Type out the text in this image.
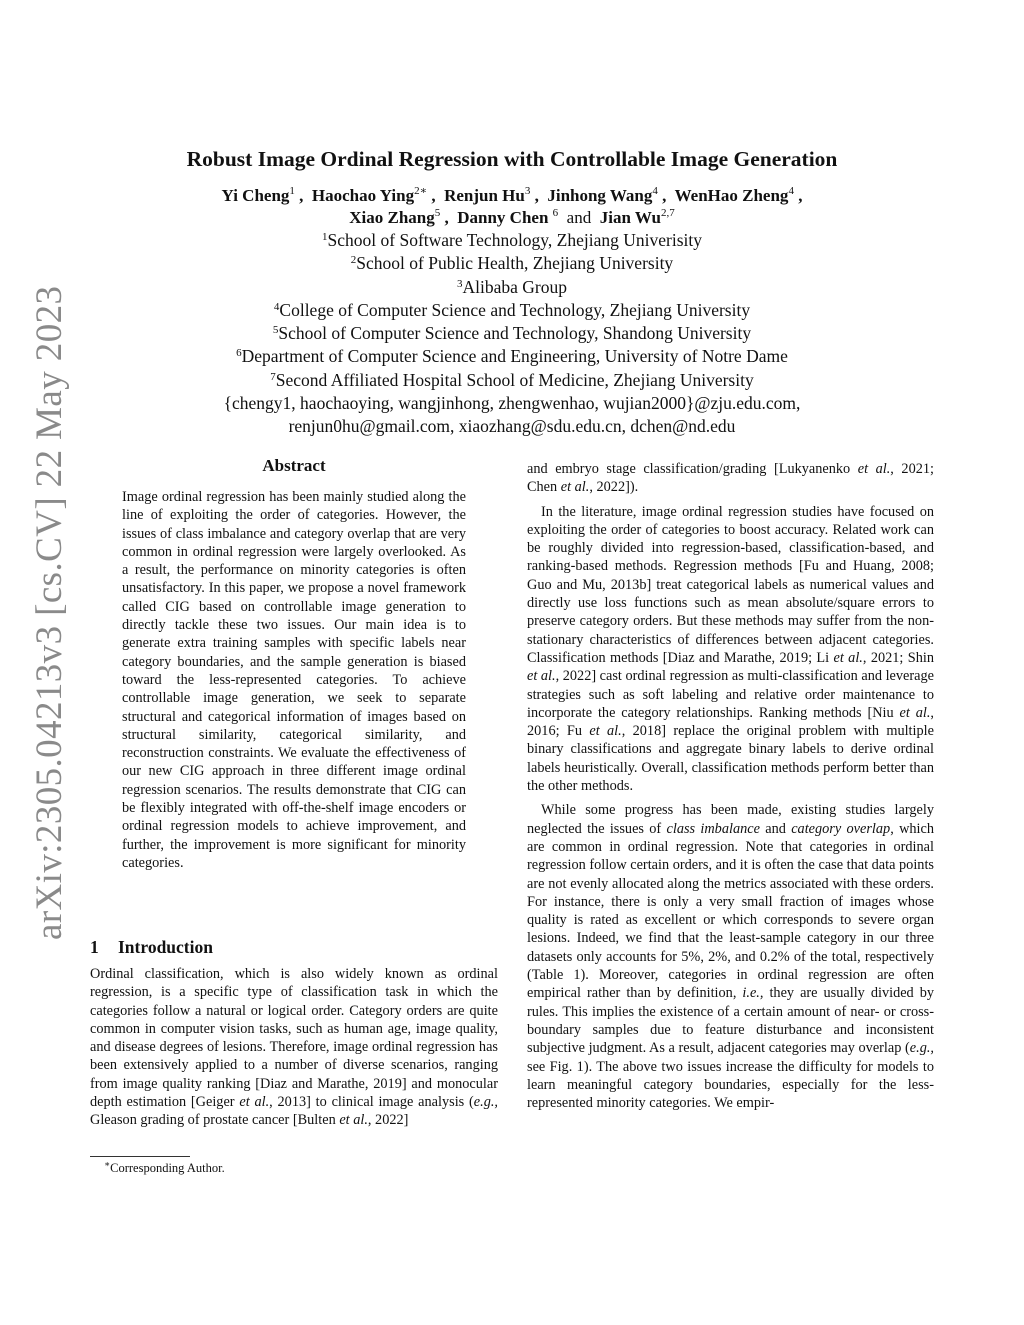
arXiv:2305.04213v3 [cs.CV] 22 May 2023
Robust Image Ordinal Regression with Controllable Image Generation
Yi Cheng$^1$ ,  Haochao Ying$^{2∗}$ ,  Renjun Hu$^3$ ,  Jinhong Wang$^4$ ,  WenHao Zheng$^4$ ,
Xiao Zhang$^5$ ,  Danny Chen $^6$ and Jian Wu$^{2,7}$
$^1$School of Software Technology, Zhejiang Univerisity
$^2$School of Public Health, Zhejiang University
$^3$Alibaba Group
$^4$College of Computer Science and Technology, Zhejiang University
$^5$School of Computer Science and Technology, Shandong University
$^6$Department of Computer Science and Engineering, University of Notre Dame
$^7$Second Affiliated Hospital School of Medicine, Zhejiang University
{chengy1, haochaoying, wangjinhong, zhengwenhao, wujian2000}@zju.edu.com,
renjun0hu@gmail.com, xiaozhang@sdu.edu.cn, dchen@nd.edu
Abstract

Image ordinal regression has been mainly studied along the line of exploiting the order of categories. However, the issues of class imbalance and category overlap that are very common in ordinal regression were largely overlooked. As a result, the performance on minority categories is often unsatisfactory. In this paper, we propose a novel framework called CIG based on controllable image generation to directly tackle these two issues. Our main idea is to generate extra training samples with specific labels near category boundaries, and the sample generation is biased toward the less-represented categories. To achieve controllable image generation, we seek to separate structural and categorical information of images based on structural similarity, categorical similarity, and reconstruction constraints. We evaluate the effectiveness of our new CIG approach in three different image ordinal regression scenarios. The results demonstrate that CIG can be flexibly integrated with off-the-shelf image encoders or ordinal regression models to achieve improvement, and further, the improvement is more significant for minority categories.

1 Introduction

Ordinal classification, which is also widely known as ordinal regression, is a specific type of classification task in which the categories follow a natural or logical order. Category orders are quite common in computer vision tasks, such as human age, image quality, and disease degrees of lesions. Therefore, image ordinal regression has been extensively applied to a number of diverse scenarios, ranging from image quality ranking [Diaz and Marathe, 2019] and monocular depth estimation [Geiger et al., 2013] to clinical image analysis (e.g., Gleason grading of prostate cancer [Bulten et al., 2022]

∗Corresponding Author.

and embryo stage classification/grading [Lukyanenko et al., 2021; Chen et al., 2022]).

In the literature, image ordinal regression studies have focused on exploiting the order of categories to boost accuracy. Related work can be roughly divided into regression-based, classification-based, and ranking-based methods. Regression methods [Fu and Huang, 2008; Guo and Mu, 2013b] treat categorical labels as numerical values and directly use loss functions such as mean absolute/square errors to preserve category orders. But these methods may suffer from the non-stationary characteristics of differences between adjacent categories. Classification methods [Diaz and Marathe, 2019; Li et al., 2021; Shin et al., 2022] cast ordinal regression as multi-classification and leverage strategies such as soft labeling and relative order maintenance to incorporate the category relationships. Ranking methods [Niu et al., 2016; Fu et al., 2018] replace the original problem with multiple binary classifications and aggregate binary labels to derive ordinal labels heuristically. Overall, classification methods perform better than the other methods.

While some progress has been made, existing studies largely neglected the issues of class imbalance and category overlap, which are common in ordinal regression. Note that categories in ordinal regression follow certain orders, and it is often the case that data points are not evenly allocated along the metrics associated with these orders. For instance, there is only a very small fraction of images whose quality is rated as excellent or which corresponds to severe organ lesions. Indeed, we find that the least-sample category in our three datasets only accounts for 5%, 2%, and 0.2% of the total, respectively (Table 1). Moreover, categories in ordinal regression are often empirical rather than by definition, i.e., they are usually divided by rules. This implies the existence of a certain amount of near- or cross-boundary samples due to feature disturbance and inconsistent subjective judgment. As a result, adjacent categories may overlap (e.g., see Fig. 1). The above two issues increase the difficulty for models to learn meaningful category boundaries, especially for the less-represented minority categories. We empir-
